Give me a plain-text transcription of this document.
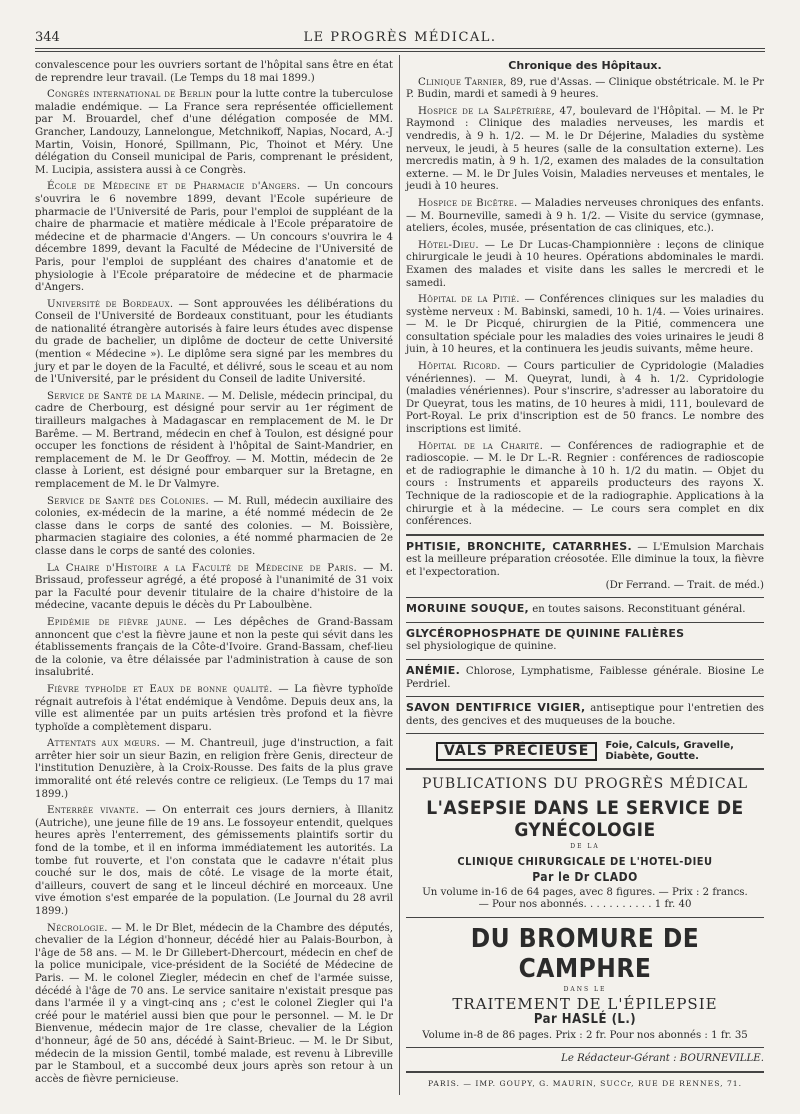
344	LE PROGRÈS MÉDICAL.

convalescence pour les ouvriers sortant de l'hôpital sans être en état de reprendre leur travail. (Le Temps du 18 mai 1899.)

Congrès international de Berlin pour la lutte contre la tuberculose maladie endémique. — La France sera représentée officiellement par M. Brouardel, chef d'une délégation composée de MM. Grancher, Landouzy, Lannelongue, Metchnikoff, Napias, Nocard, A.-J Martin, Voisin, Honoré, Spillmann, Pic, Thoinot et Méry. Une délégation du Conseil municipal de Paris, comprenant le président, M. Lucipia, assistera aussi à ce Congrès.

École de Médecine et de Pharmacie d'Angers. — Un concours s'ouvrira le 6 novembre 1899, devant l'Ecole supérieure de pharmacie de l'Université de Paris, pour l'emploi de suppléant de la chaire de pharmacie et matière médicale à l'Ecole préparatoire de médecine et de pharmacie d'Angers. — Un concours s'ouvrira le 4 décembre 1899, devant la Faculté de Médecine de l'Université de Paris, pour l'emploi de suppléant des chaires d'anatomie et de physiologie à l'Ecole préparatoire de médecine et de pharmacie d'Angers.

Université de Bordeaux. — Sont approuvées les délibérations du Conseil de l'Université de Bordeaux constituant, pour les étudiants de nationalité étrangère autorisés à faire leurs études avec dispense du grade de bachelier, un diplôme de docteur de cette Université (mention « Médecine »). Le diplôme sera signé par les membres du jury et par le doyen de la Faculté, et délivré, sous le sceau et au nom de l'Université, par le président du Conseil de ladite Université.

Service de Santé de la Marine. — M. Delisle, médecin principal, du cadre de Cherbourg, est désigné pour servir au 1er régiment de tirailleurs malgaches à Madagascar en remplacement de M. le Dr Barême. — M. Bertrand, médecin en chef à Toulon, est désigné pour occuper les fonctions de résident à l'hôpital de Saint-Mandrier, en remplacement de M. le Dr Geoffroy. — M. Mottin, médecin de 2e classe à Lorient, est désigné pour embarquer sur la Bretagne, en remplacement de M. le Dr Valmyre.

Service de Santé des Colonies. — M. Rull, médecin auxiliaire des colonies, ex-médecin de la marine, a été nommé médecin de 2e classe dans le corps de santé des colonies. — M. Boissière, pharmacien stagiaire des colonies, a été nommé pharmacien de 2e classe dans le corps de santé des colonies.

La Chaire d'Histoire a la Faculté de Médecine de Paris. — M. Brissaud, professeur agrégé, a été proposé à l'unanimité de 31 voix par la Faculté pour devenir titulaire de la chaire d'histoire de la médecine, vacante depuis le décès du Pr Laboulbène.

Epidémie de fièvre jaune. — Les dépêches de Grand-Bassam annoncent que c'est la fièvre jaune et non la peste qui sévit dans les établissements français de la Côte-d'Ivoire. Grand-Bassam, chef-lieu de la colonie, va être délaissée par l'administration à cause de son insalubrité.

Fièvre typhoïde et Eaux de bonne qualité. — La fièvre typhoïde régnait autrefois à l'état endémique à Vendôme. Depuis deux ans, la ville est alimentée par un puits artésien très profond et la fièvre typhoïde a complètement disparu.

Attentats aux mœurs. — M. Chantreuil, juge d'instruction, a fait arrêter hier soir un sieur Bazin, en religion frère Genis, directeur de l'institution Denuzière, à la Croix-Rousse. Des faits de la plus grave immoralité ont été relevés contre ce religieux. (Le Temps du 17 mai 1899.)

Enterrée vivante. — On enterrait ces jours derniers, à Illanitz (Autriche), une jeune fille de 19 ans. Le fossoyeur entendit, quelques heures après l'enterrement, des gémissements plaintifs sortir du fond de la tombe, et il en informa immédiatement les autorités. La tombe fut rouverte, et l'on constata que le cadavre n'était plus couché sur le dos, mais de côté. Le visage de la morte était, d'ailleurs, couvert de sang et le linceul déchiré en morceaux. Une vive émotion s'est emparée de la population. (Le Journal du 28 avril 1899.)

Nécrologie. — M. le Dr Blet, médecin de la Chambre des députés, chevalier de la Légion d'honneur, décédé hier au Palais-Bourbon, à l'âge de 58 ans. — M. le Dr Gillebert-Dhercourt, médecin en chef de la police municipale, vice-président de la Société de Médecine de Paris. — M. le colonel Ziegler, médecin en chef de l'armée suisse, décédé à l'âge de 70 ans. Le service sanitaire n'existait presque pas dans l'armée il y a vingt-cinq ans ; c'est le colonel Ziegler qui l'a créé pour le matériel aussi bien que pour le personnel. — M. le Dr Bienvenue, médecin major de 1re classe, chevalier de la Légion d'honneur, âgé de 50 ans, décédé à Saint-Brieuc. — M. le Dr Sibut, médecin de la mission Gentil, tombé malade, est revenu à Libreville par le Stamboul, et a succombé deux jours après son retour à un accès de fièvre pernicieuse.

Chronique des Hôpitaux.

Clinique Tarnier, 89, rue d'Assas. — Clinique obstétricale. M. le Pr P. Budin, mardi et samedi à 9 heures.

Hospice de la Salpêtrière, 47, boulevard de l'Hôpital. — M. le Pr Raymond : Clinique des maladies nerveuses, les mardis et vendredis, à 9 h. 1/2. — M. le Dr Déjerine, Maladies du système nerveux, le jeudi, à 5 heures (salle de la consultation externe). Les mercredis matin, à 9 h. 1/2, examen des malades de la consultation externe. — M. le Dr Jules Voisin, Maladies nerveuses et mentales, le jeudi à 10 heures.

Hospice de Bicêtre. — Maladies nerveuses chroniques des enfants. — M. Bourneville, samedi à 9 h. 1/2. — Visite du service (gymnase, ateliers, écoles, musée, présentation de cas cliniques, etc.).

Hôtel-Dieu. — Le Dr Lucas-Championnière : leçons de clinique chirurgicale le jeudi à 10 heures. Opérations abdominales le mardi. Examen des malades et visite dans les salles le mercredi et le samedi.

Hôpital de la Pitié. — Conférences cliniques sur les maladies du système nerveux : M. Babinski, samedi, 10 h. 1/4. — Voies urinaires. — M. le Dr Picqué, chirurgien de la Pitié, commencera une consultation spéciale pour les maladies des voies urinaires le jeudi 8 juin, à 10 heures, et la continuera les jeudis suivants, même heure.

Hôpital Ricord. — Cours particulier de Cypridologie (Maladies vénériennes). — M. Queyrat, lundi, à 4 h. 1/2. Cypridologie (maladies vénériennes). Pour s'inscrire, s'adresser au laboratoire du Dr Queyrat, tous les matins, de 10 heures à midi, 111, boulevard de Port-Royal. Le prix d'inscription est de 50 francs. Le nombre des inscriptions est limité.

Hôpital de la Charité. — Conférences de radiographie et de radioscopie. — M. le Dr L.-R. Regnier : conférences de radioscopie et de radiographie le dimanche à 10 h. 1/2 du matin. — Objet du cours : Instruments et appareils producteurs des rayons X. Technique de la radioscopie et de la radiographie. Applications à la chirurgie et à la médecine. — Le cours sera complet en dix conférences.

PHTISIE, BRONCHITE, CATARRHES. — L'Emulsion Marchais est la meilleure préparation créosotée. Elle diminue la toux, la fièvre et l'expectoration.

(Dr Ferrand. — Trait. de méd.)

MORUINE SOUQUE, en toutes saisons. Reconstituant général.

GLYCÉROPHOSPHATE DE QUININE FALIÈRES
sel physiologique de quinine.

ANÉMIE. Chlorose, Lymphatisme, Faiblesse générale. Biosine Le Perdriel.

SAVON DENTIFRICE VIGIER, antiseptique pour l'entretien des dents, des gencives et des muqueuses de la bouche.

VALS PRÉCIEUSE	Foie, Calculs, Gravelle,
Diabète, Goutte.
PUBLICATIONS DU PROGRÈS MÉDICAL
L'ASEPSIE DANS LE SERVICE DE GYNÉCOLOGIE
DE LA
CLINIQUE CHIRURGICALE DE L'HOTEL-DIEU
Par le Dr CLADO
Un volume in-16 de 64 pages, avec 8 figures. — Prix : 2 francs.
— Pour nos abonnés. . . . . . . . . . . 1 fr. 40
DU BROMURE DE CAMPHRE
DANS LE
TRAITEMENT DE L'ÉPILEPSIE
Par HASLÉ (L.)
Volume in-8 de 86 pages. Prix : 2 fr. Pour nos abonnés : 1 fr. 35
Le Rédacteur-Gérant : BOURNEVILLE.
PARIS. — IMP. GOUPY, G. MAURIN, SUCCr, RUE DE RENNES, 71.
